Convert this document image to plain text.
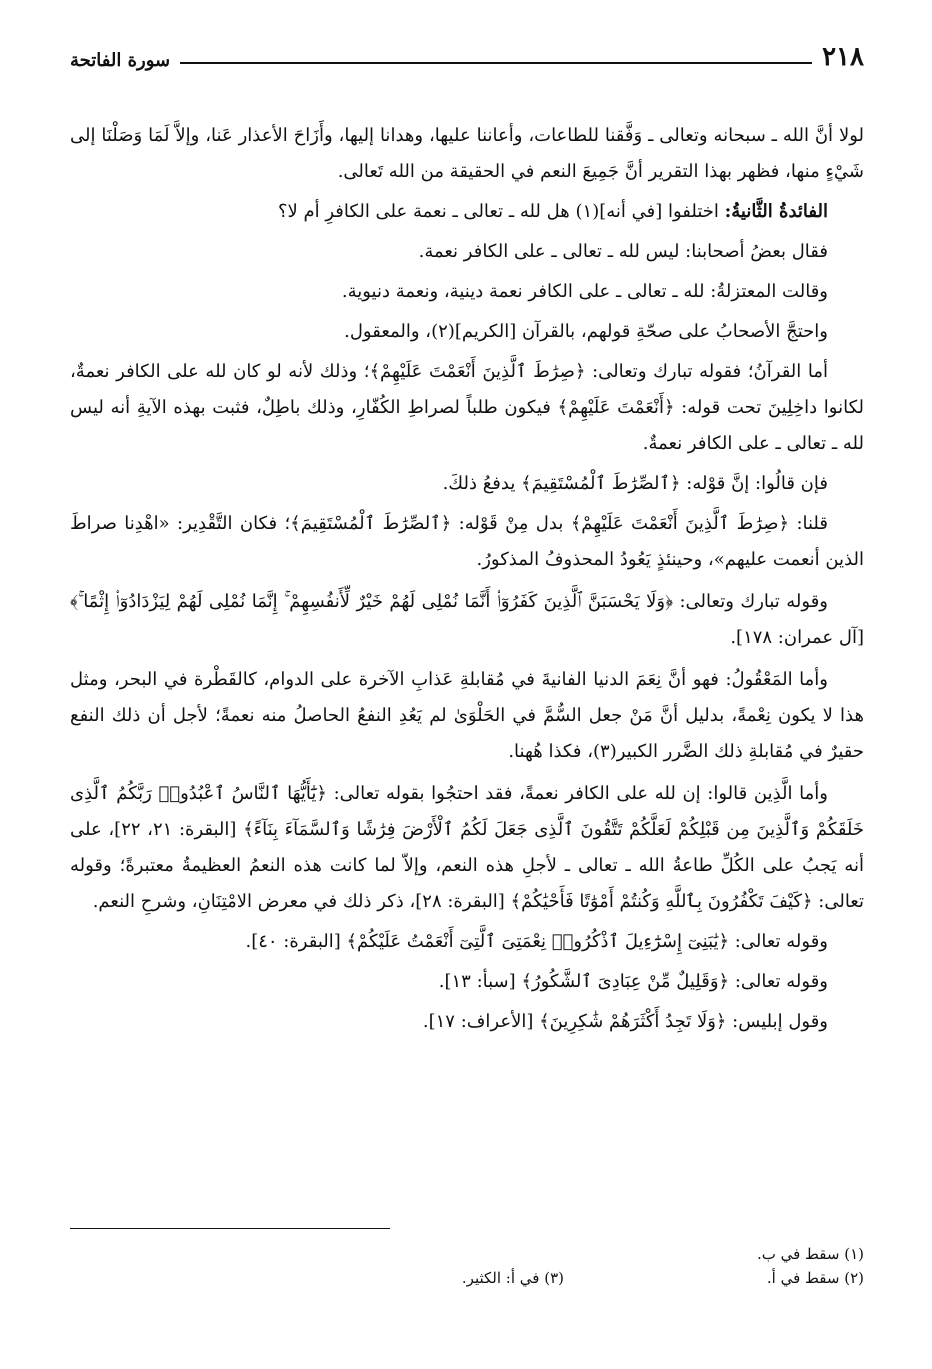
٢١٨
سورة الفاتحة

لولا أنَّ الله ـ سبحانه وتعالى ـ وَفَّقنا للطاعات، وأعاننا عليها، وهدانا إليها، وأَزَاحَ الأعذار عَنا، وإلاَّ لَمَا وَصَلْنَا إلى شَيْءٍ منها، فظهر بهذا التقرير أنَّ جَمِيعَ النعم في الحقيقة من الله تَعالى.

الفائدةُ الثَّانيةُ: اختلفوا [في أنه](١) هل لله ـ تعالى ـ نعمة على الكافرِ أم لا؟

فقال بعضُ أصحابنا: ليس لله ـ تعالى ـ على الكافر نعمة.

وقالت المعتزلةُ: لله ـ تعالى ـ على الكافر نعمة دينية، ونعمة دنيوية.

واحتجَّ الأصحابُ على صحّةِ قولهم، بالقرآن [الكريم](٢)، والمعقول.

أما القرآنُ؛ فقوله تبارك وتعالى: ﴿صِرَٰطَ ٱلَّذِينَ أَنْعَمْتَ عَلَيْهِمْ﴾؛ وذلك لأنه لو كان لله على الكافر نعمةٌ، لكانوا داخِلِينَ تحت قوله: ﴿أَنْعَمْتَ عَلَيْهِمْ﴾ فيكون طلباً لصراطِ الكُفّارِ، وذلك باطِلٌ، فثبت بهذه الآيةِ أنه ليس لله ـ تعالى ـ على الكافر نعمةٌ.

فإن قالُوا: إنَّ قوْله: ﴿ٱلصِّرَٰطَ ٱلْمُسْتَقِيمَ﴾ يدفعُ ذلكَ.

قلنا: ﴿صِرَٰطَ ٱلَّذِينَ أَنْعَمْتَ عَلَيْهِمْ﴾ بدل مِنْ قَوْله: ﴿ٱلصِّرَٰطَ ٱلْمُسْتَقِيمَ﴾؛ فكان التَّقْدِير: «اهْدِنا صراطَ الذين أنعمت عليهم»، وحينئذٍ يَعُودُ المحذوفُ المذكورُ.

وقوله تبارك وتعالى: ﴿وَلَا يَحْسَبَنَّ ٱلَّذِينَ كَفَرُوٓا۟ أَنَّمَا نُمْلِى لَهُمْ خَيْرٌ لِّأَنفُسِهِمْ ۚ إِنَّمَا نُمْلِى لَهُمْ لِيَزْدَادُوٓا۟ إِثْمًا ۚ﴾ [آل عمران: ١٧٨].

وأما المَعْقُولُ: فهو أنَّ نِعَمَ الدنيا الفانيةَ في مُقابلةِ عَذابِ الآخرة على الدوام، كالقَطْرة في البحر، ومثل هذا لا يكون نِعْمةً، بدليل أنَّ مَنْ جعل السُّمَّ في الحَلْوَىٰ لم يَعُدِ النفعُ الحاصلُ منه نعمةً؛ لأجل أن ذلك النفع حقيرٌ في مُقابلةِ ذلك الضَّرر الكبير(٣)، فكذا هُهنا.

وأما الَّذِين قالوا: إن لله على الكافر نعمةً، فقد احتجُوا بقوله تعالى: ﴿يَٰٓأَيُّهَا ٱلنَّاسُ ٱعْبُدُوا۟ رَبَّكُمُ ٱلَّذِى خَلَقَكُمْ وَٱلَّذِينَ مِن قَبْلِكُمْ لَعَلَّكُمْ تَتَّقُونَ ٱلَّذِى جَعَلَ لَكُمُ ٱلْأَرْضَ فِرَٰشًا وَٱلسَّمَآءَ بِنَآءً﴾ [البقرة: ٢١، ٢٢]، على أنه يَجبُ على الكُلِّ طاعةُ الله ـ تعالى ـ لأجلِ هذه النعم، وإلاّ لما كانت هذه النعمُ العظيمةُ معتبرةً؛ وقوله تعالى: ﴿كَيْفَ تَكْفُرُونَ بِٱللَّهِ وَكُنتُمْ أَمْوَٰتًا فَأَحْيَٰكُمْ﴾ [البقرة: ٢٨]، ذكر ذلك في معرض الامْتِنَانِ، وشرحِ النعم.

وقوله تعالى: ﴿يَٰبَنِىٓ إِسْرَٰٓءِيلَ ٱذْكُرُوا۟ نِعْمَتِىَ ٱلَّتِىٓ أَنْعَمْتُ عَلَيْكُمْ﴾ [البقرة: ٤٠].

وقوله تعالى: ﴿وَقَلِيلٌ مِّنْ عِبَادِىَ ٱلشَّكُورُ﴾ [سبأ: ١٣].

وقول إبليس: ﴿وَلَا تَجِدُ أَكْثَرَهُمْ شَٰكِرِينَ﴾ [الأعراف: ١٧].

(١) سقط في ب.
(٢) سقط في أ.
(٣) في أ: الكثير.
